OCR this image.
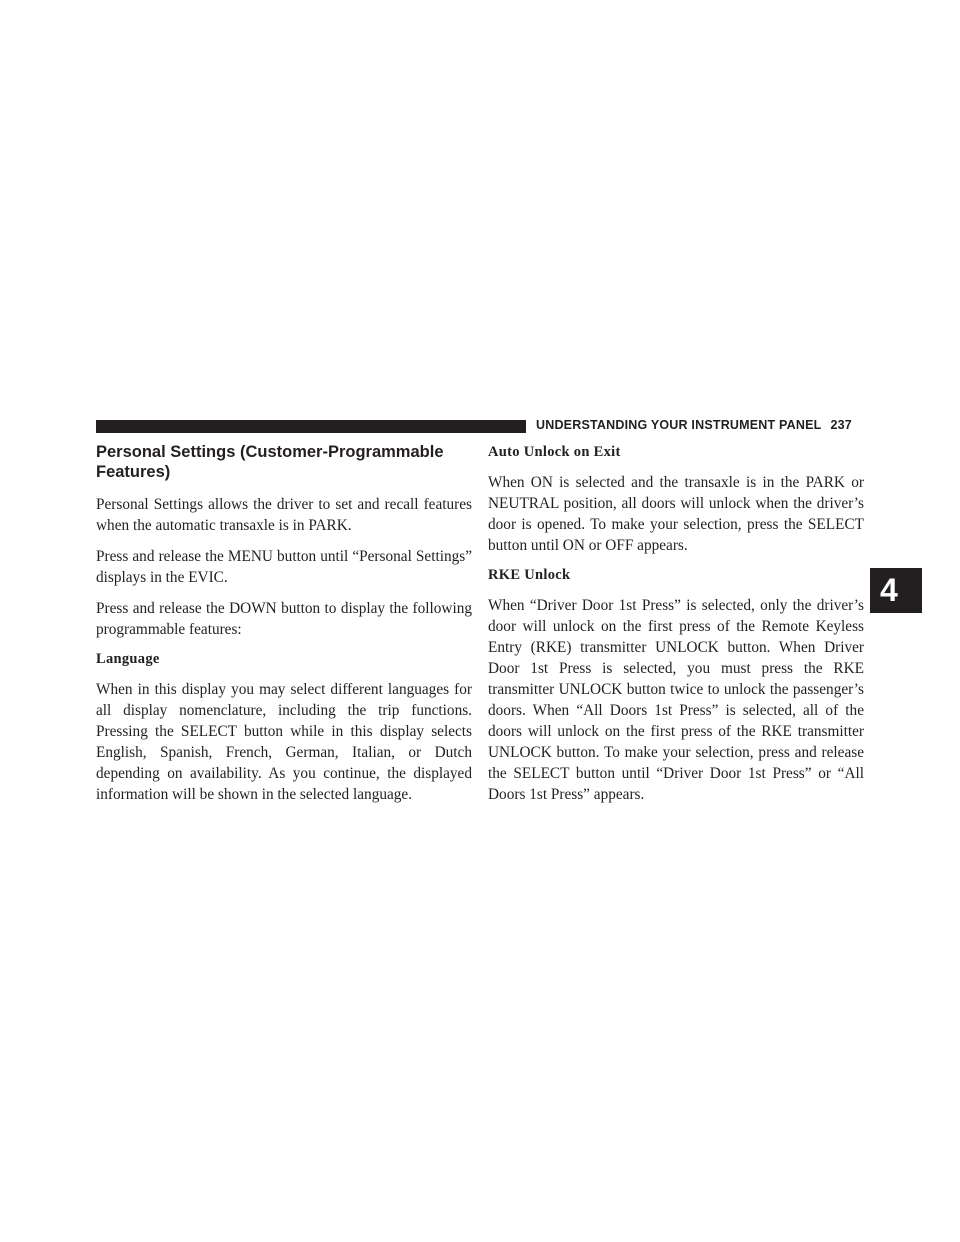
UNDERSTANDING YOUR INSTRUMENT PANEL 237
4
Personal Settings (Customer-Programmable Features)

Personal Settings allows the driver to set and recall features when the automatic transaxle is in PARK.

Press and release the MENU button until “Personal Settings” displays in the EVIC.

Press and release the DOWN button to display the following programmable features:

Language

When in this display you may select different languages for all display nomenclature, including the trip functions. Pressing the SELECT button while in this display selects English, Spanish, French, German, Italian, or Dutch depending on availability. As you continue, the displayed information will be shown in the selected language.

Auto Unlock on Exit

When ON is selected and the transaxle is in the PARK or NEUTRAL position, all doors will unlock when the driver’s door is opened. To make your selection, press the SELECT button until ON or OFF appears.

RKE Unlock

When “Driver Door 1st Press” is selected, only the driver’s door will unlock on the first press of the Remote Keyless Entry (RKE) transmitter UNLOCK button. When Driver Door 1st Press is selected, you must press the RKE transmitter UNLOCK button twice to unlock the passenger’s doors. When “All Doors 1st Press” is selected, all of the doors will unlock on the first press of the RKE transmitter UNLOCK button. To make your selection, press and release the SELECT button until “Driver Door 1st Press” or “All Doors 1st Press” appears.
